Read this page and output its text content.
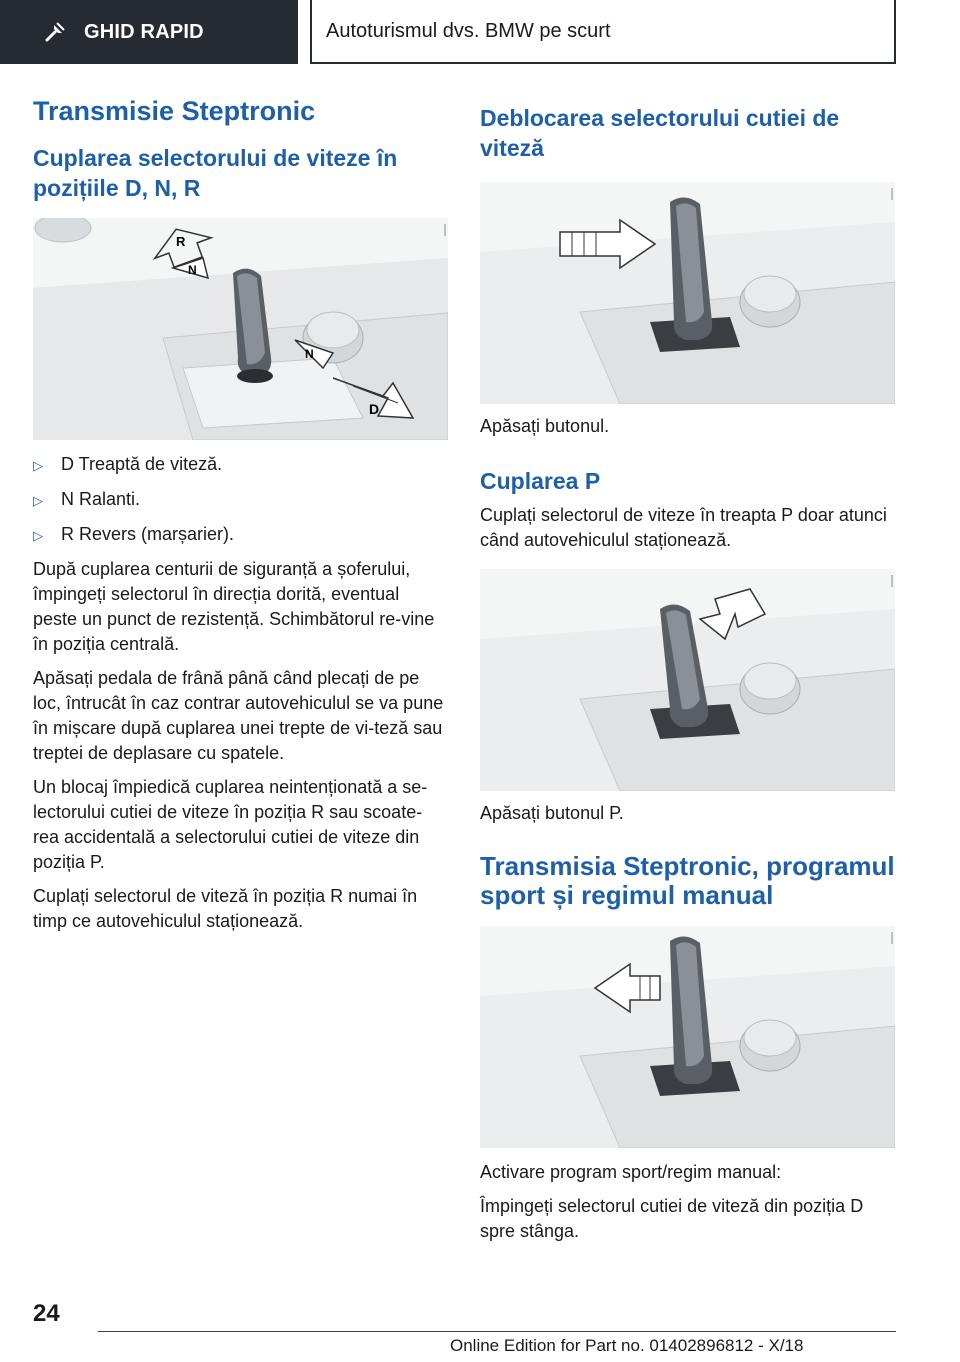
GHID RAPID	Autoturismul dvs. BMW pe scurt
Transmisie Steptronic
Cuplarea selectorului de viteze în pozițiile D, N, R
R
N
N
D
▷	D Treaptă de viteză.
▷	N Ralanti.
▷	R Revers (marșarier).

După cuplarea centurii de siguranță a șoferului, împingeți selectorul în direcția dorită, eventual peste un punct de rezistență. Schimbătorul re-vine în poziția centrală.

Apăsați pedala de frână până când plecați de pe loc, întrucât în caz contrar autovehiculul se va pune în mișcare după cuplarea unei trepte de vi-teză sau treptei de deplasare cu spatele.

Un blocaj împiedică cuplarea neintenționată a se-lectorului cutiei de viteze în poziția R sau scoate-rea accidentală a selectorului cutiei de viteze din poziția P.

Cuplați selectorul de viteză în poziția R numai în timp ce autovehiculul staționează.

Deblocarea selectorului cutiei de viteză

Apăsați butonul.

Cuplarea P

Cuplați selectorul de viteze în treapta P doar atunci când autovehiculul staționează.

Apăsați butonul P.

Transmisia Steptronic, programul sport și regimul manual

Activare program sport/regim manual:

Împingeți selectorul cutiei de viteză din poziția D spre stânga.

24
Online Edition for Part no. 01402896812 - X/18
